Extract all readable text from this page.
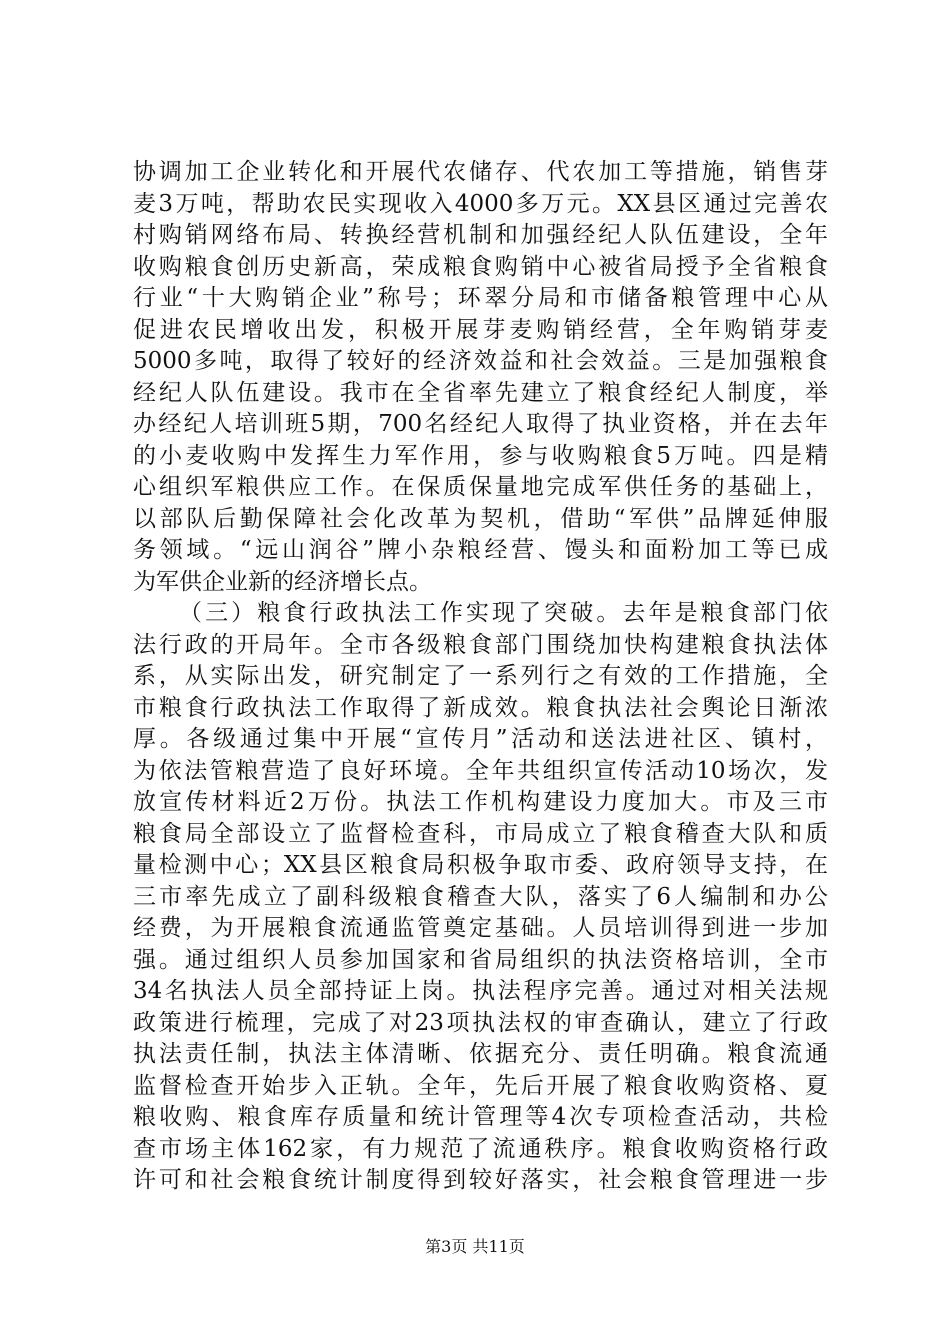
协调加工企业转化和开展代农储存、代农加工等措施，销售芽
麦3万吨，帮助农民实现收入4000多万元。XX县区通过完善农
村购销网络布局、转换经营机制和加强经纪人队伍建设，全年
收购粮食创历史新高，荣成粮食购销中心被省局授予全省粮食
行业“十大购销企业”称号；环翠分局和市储备粮管理中心从
促进农民增收出发，积极开展芽麦购销经营，全年购销芽麦
5000多吨，取得了较好的经济效益和社会效益。三是加强粮食
经纪人队伍建设。我市在全省率先建立了粮食经纪人制度，举
办经纪人培训班5期，700名经纪人取得了执业资格，并在去年
的小麦收购中发挥生力军作用，参与收购粮食5万吨。四是精
心组织军粮供应工作。在保质保量地完成军供任务的基础上，
以部队后勤保障社会化改革为契机，借助“军供”品牌延伸服
务领域。“远山润谷”牌小杂粮经营、馒头和面粉加工等已成
为军供企业新的经济增长点。
（三）粮食行政执法工作实现了突破。去年是粮食部门依
法行政的开局年。全市各级粮食部门围绕加快构建粮食执法体
系，从实际出发，研究制定了一系列行之有效的工作措施，全
市粮食行政执法工作取得了新成效。粮食执法社会舆论日渐浓
厚。各级通过集中开展“宣传月”活动和送法进社区、镇村，
为依法管粮营造了良好环境。全年共组织宣传活动10场次，发
放宣传材料近2万份。执法工作机构建设力度加大。市及三市
粮食局全部设立了监督检查科，市局成立了粮食稽查大队和质
量检测中心；XX县区粮食局积极争取市委、政府领导支持，在
三市率先成立了副科级粮食稽查大队，落实了6人编制和办公
经费，为开展粮食流通监管奠定基础。人员培训得到进一步加
强。通过组织人员参加国家和省局组织的执法资格培训，全市
34名执法人员全部持证上岗。执法程序完善。通过对相关法规
政策进行梳理，完成了对23项执法权的审查确认，建立了行政
执法责任制，执法主体清晰、依据充分、责任明确。粮食流通
监督检查开始步入正轨。全年，先后开展了粮食收购资格、夏
粮收购、粮食库存质量和统计管理等4次专项检查活动，共检
查市场主体162家，有力规范了流通秩序。粮食收购资格行政
许可和社会粮食统计制度得到较好落实，社会粮食管理进一步
第3页 共11页
